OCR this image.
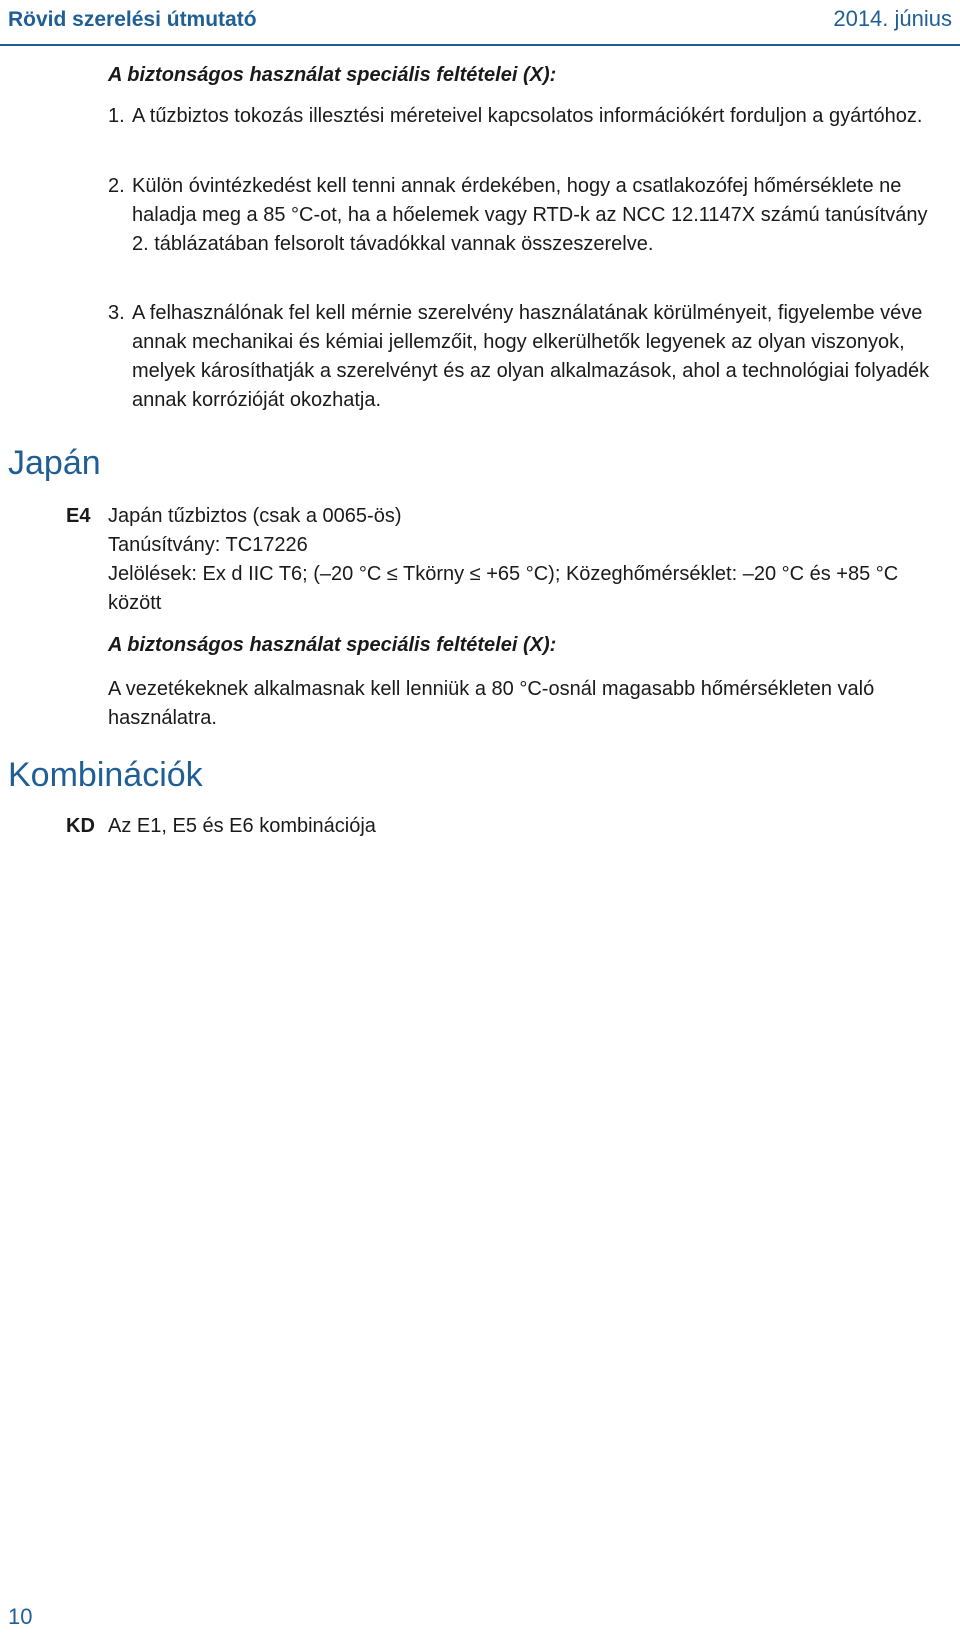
Rövid szerelési útmutató	2014. június
A biztonságos használat speciális feltételei (X):
1. A tűzbiztos tokozás illesztési méreteivel kapcsolatos információkért forduljon a gyártóhoz.
2. Külön óvintézkedést kell tenni annak érdekében, hogy a csatlakozófej hőmérséklete ne haladja meg a 85 °C-ot, ha a hőelemek vagy RTD-k az NCC 12.1147X számú tanúsítvány 2. táblázatában felsorolt távadókkal vannak összeszerelve.
3. A felhasználónak fel kell mérnie szerelvény használatának körülményeit, figyelembe véve annak mechanikai és kémiai jellemzőit, hogy elkerülhetők legyenek az olyan viszonyok, melyek károsíthatják a szerelvényt és az olyan alkalmazások, ahol a technológiai folyadék annak korrózióját okozhatja.
Japán
E4 Japán tűzbiztos (csak a 0065-ös)
Tanúsítvány: TC17226
Jelölések: Ex d IIC T6; (–20 °C ≤ Tkörny ≤ +65 °C); Közeghőmérséklet: –20 °C és +85 °C között
A biztonságos használat speciális feltételei (X):
A vezetékeknek alkalmasnak kell lenniük a 80 °C-osnál magasabb hőmérsékleten való használatra.
Kombinációk
KD Az E1, E5 és E6 kombinációja
10
